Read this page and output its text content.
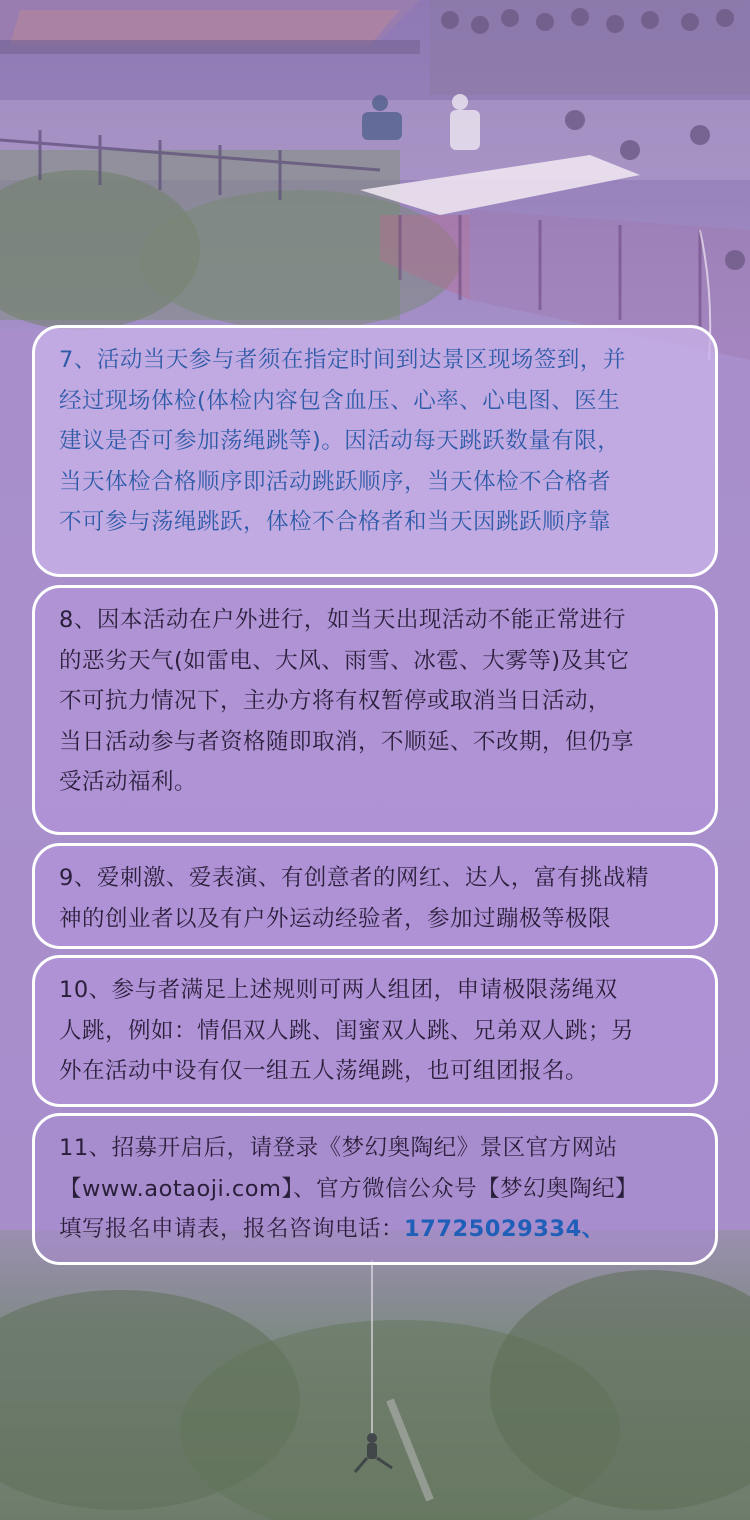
7、活动当天参与者须在指定时间到达景区现场签到，并

经过现场体检(体检内容包含血压、心率、心电图、医生

建议是否可参加荡绳跳等)。因活动每天跳跃数量有限，

当天体检合格顺序即活动跳跃顺序，当天体检不合格者

不可参与荡绳跳跃，体检不合格者和当天因跳跃顺序靠

8、因本活动在户外进行，如当天出现活动不能正常进行

的恶劣天气(如雷电、大风、雨雪、冰雹、大雾等)及其它

不可抗力情况下，主办方将有权暂停或取消当日活动，

当日活动参与者资格随即取消，不顺延、不改期，但仍享

受活动福利。

9、爱刺激、爱表演、有创意者的网红、达人，富有挑战精

神的创业者以及有户外运动经验者，参加过蹦极等极限

10、参与者满足上述规则可两人组团，申请极限荡绳双

人跳，例如：情侣双人跳、闺蜜双人跳、兄弟双人跳；另

外在活动中设有仅一组五人荡绳跳，也可组团报名。

11、招募开启后，请登录《梦幻奥陶纪》景区官方网站

【www.aotaoji.com】、官方微信公众号【梦幻奥陶纪】

填写报名申请表，报名咨询电话：17725029334、
